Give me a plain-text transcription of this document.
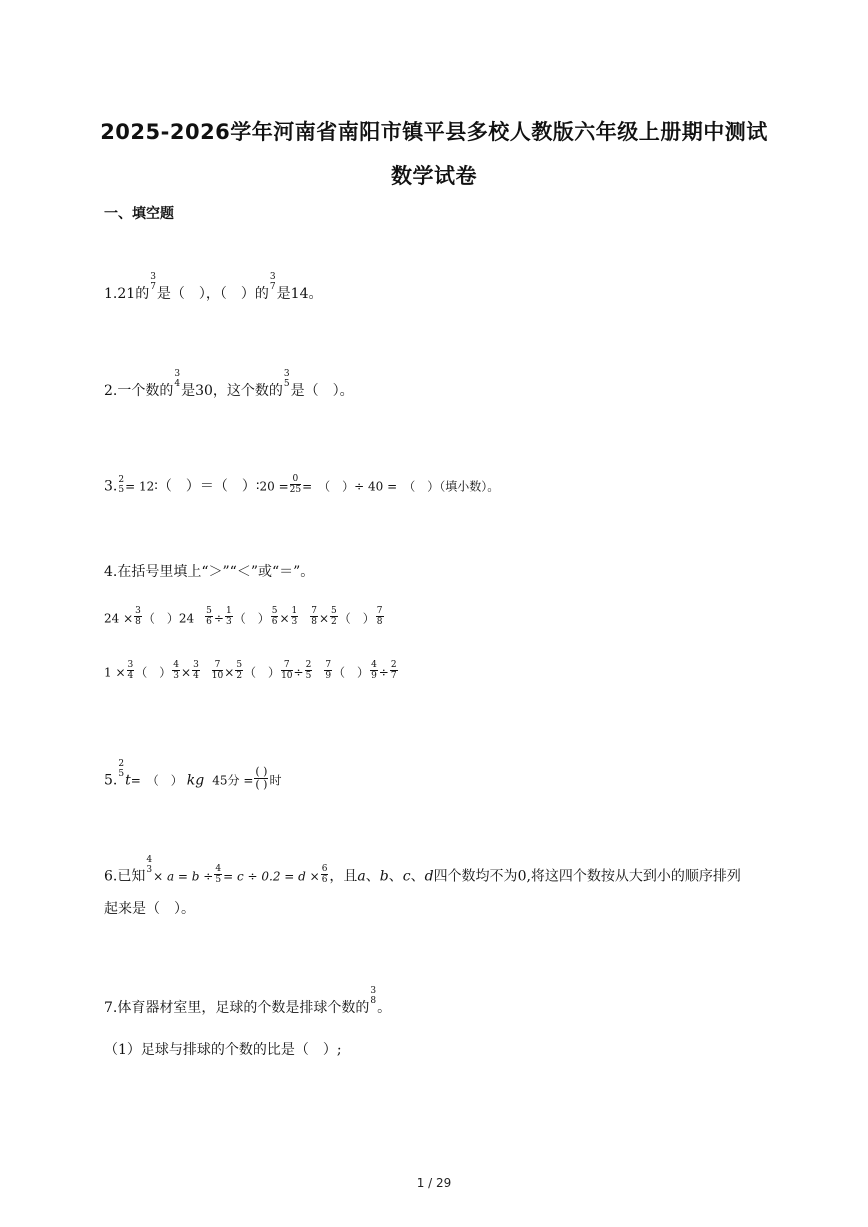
2025-2026学年河南省南阳市镇平县多校人教版六年级上册期中测试
数学试卷
一、填空题
1.21的
3
7 是（　），（　）的
3
7 是14。
2.一个数的
3
4 是30，这个数的
3
5 是（　）。
3. 2
5 = 12∶（　）＝（　）∶20 = $\frac{0}{25}$ =　（　）÷ 40 =　（　）（填小数）。
4.在括号里填上“＞”“＜”或“＝”。
$24 \times \frac{3}{8}$ （　）$24 \frac{5}{6} \div \frac{1}{3}$ （　） $\frac{5}{6} \times \frac{1}{3} \frac{7}{8} \times \frac{5}{2}$ （　） $\frac{7}{8}$
$1 \times \frac{3}{4}$ （　） $\frac{4}{3} \times \frac{3}{4} \frac{7}{10} \times \frac{5}{2}$ （　） $\frac{7}{10} \div \frac{2}{5} \frac{7}{9}$ （　） $\frac{4}{9} \div \frac{2}{7}$
5.
2
5 t=　（　） kg 45分 = $\frac{( )}{( )}$ 时
6.已知
4
$3 \times a = b \div \frac{4}{5} = c \div 0.2 = d \times \frac{6}{6}$ ，且a、b、c、d四个数均不为0,将这四个数按从大到小的顺序排列
起来是（　）。
7.体育器材室里，足球的个数是排球个数的
3
8 。
（1）足球与排球的个数的比是（　）;
1 / 29
